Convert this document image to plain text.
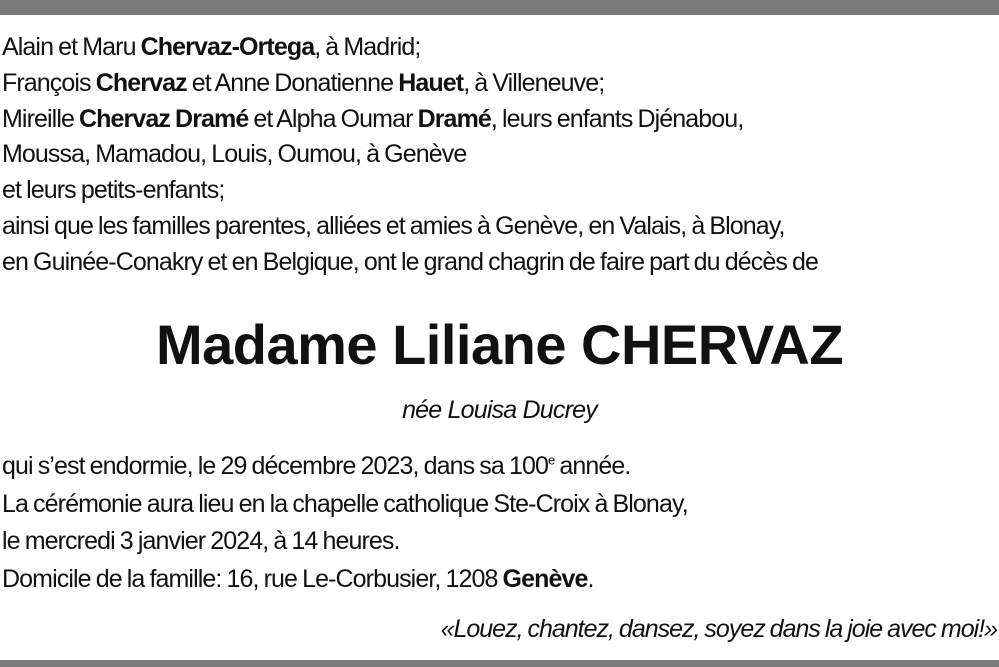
Alain et Maru Chervaz-Ortega, à Madrid;
François Chervaz et Anne Donatienne Hauet, à Villeneuve;
Mireille Chervaz Dramé et Alpha Oumar Dramé, leurs enfants Djénabou,
Moussa, Mamadou, Louis, Oumou, à Genève
et leurs petits-enfants;
ainsi que les familles parentes, alliées et amies à Genève, en Valais, à Blonay,
en Guinée-Conakry et en Belgique, ont le grand chagrin de faire part du décès de
Madame Liliane CHERVAZ
née Louisa Ducrey
qui s’est endormie, le 29 décembre 2023, dans sa 100e année.
La cérémonie aura lieu en la chapelle catholique Ste-Croix à Blonay,
le mercredi 3 janvier 2024, à 14 heures.
Domicile de la famille: 16, rue Le-Corbusier, 1208 Genève.
«Louez, chantez, dansez, soyez dans la joie avec moi!»
